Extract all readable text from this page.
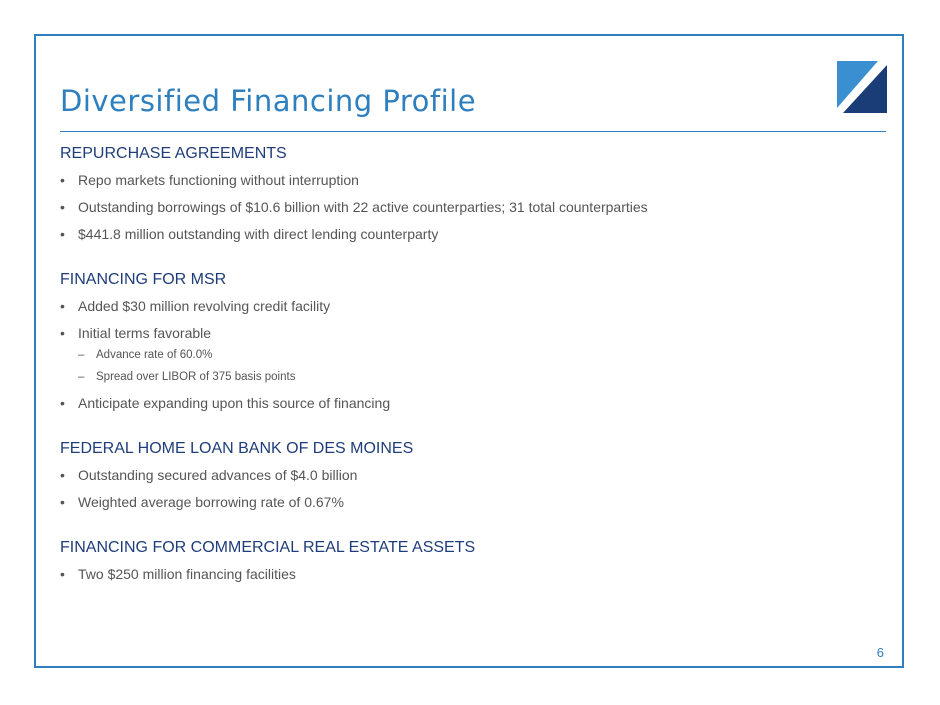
Diversified Financing Profile
REPURCHASE AGREEMENTS
• Repo markets functioning without interruption
• Outstanding borrowings of $10.6 billion with 22 active counterparties; 31 total counterparties
• $441.8 million outstanding with direct lending counterparty
FINANCING FOR MSR
• Added $30 million revolving credit facility
• Initial terms favorable
– Advance rate of 60.0%
– Spread over LIBOR of 375 basis points
• Anticipate expanding upon this source of financing
FEDERAL HOME LOAN BANK OF DES MOINES
• Outstanding secured advances of $4.0 billion
• Weighted average borrowing rate of 0.67%
FINANCING FOR COMMERCIAL REAL ESTATE ASSETS
• Two $250 million financing facilities
6
